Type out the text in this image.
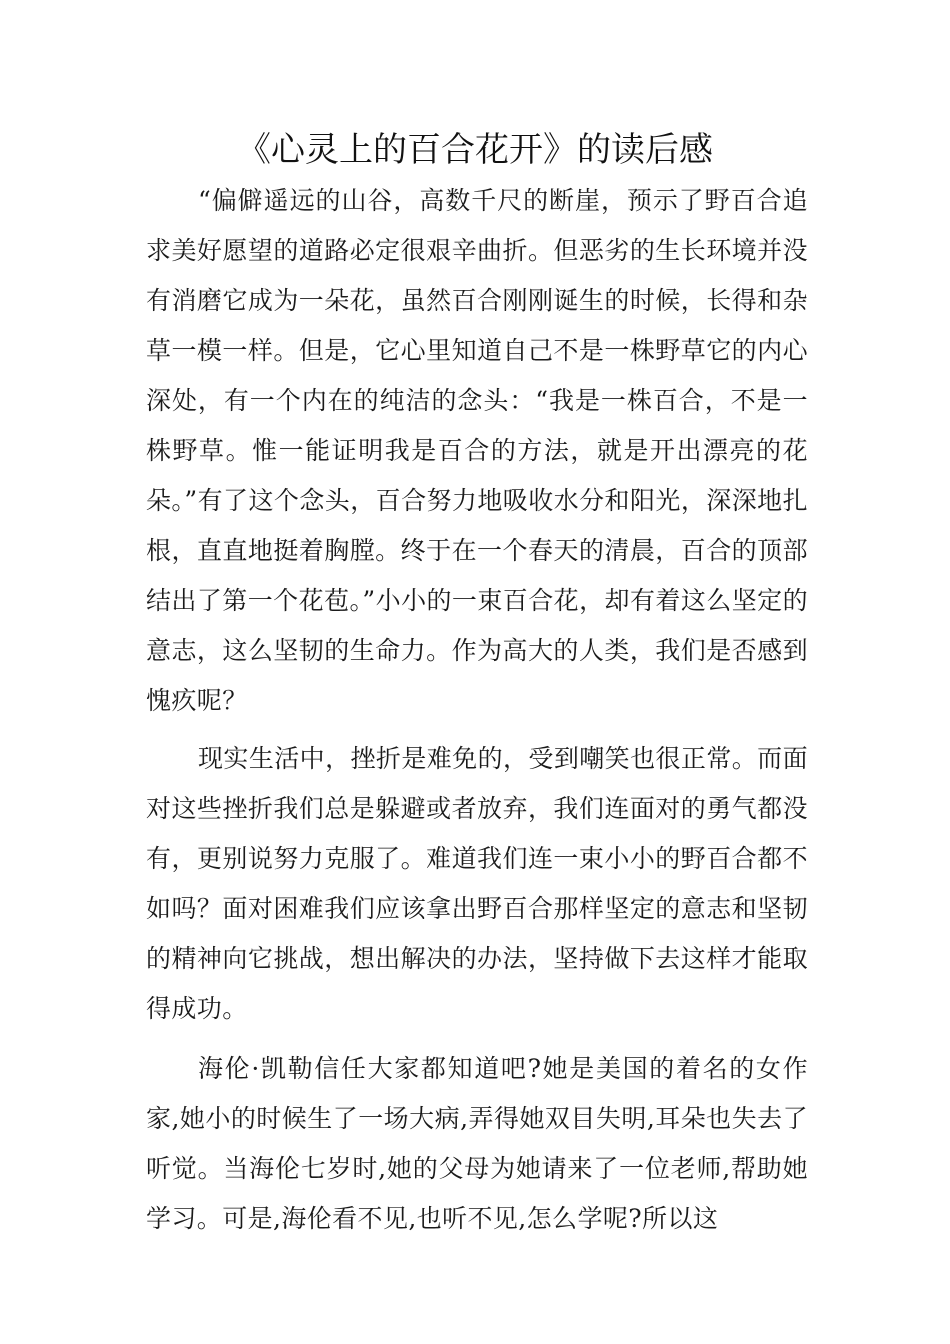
《心灵上的百合花开》的读后感

“偏僻遥远的山谷，高数千尺的断崖，预示了野百合追求美好愿望的道路必定很艰辛曲折。但恶劣的生长环境并没有消磨它成为一朵花，虽然百合刚刚诞生的时候，长得和杂草一模一样。但是，它心里知道自己不是一株野草它的内心深处，有一个内在的纯洁的念头：“我是一株百合，不是一株野草。惟一能证明我是百合的方法，就是开出漂亮的花朵。”有了这个念头，百合努力地吸收水分和阳光，深深地扎根，直直地挺着胸膛。终于在一个春天的清晨，百合的顶部结出了第一个花苞。”小小的一束百合花，却有着这么坚定的意志，这么坚韧的生命力。作为高大的人类，我们是否感到愧疚呢？

现实生活中，挫折是难免的，受到嘲笑也很正常。而面对这些挫折我们总是躲避或者放弃，我们连面对的勇气都没有，更别说努力克服了。难道我们连一束小小的野百合都不如吗？面对困难我们应该拿出野百合那样坚定的意志和坚韧的精神向它挑战，想出解决的办法，坚持做下去这样才能取得成功。

海伦·凯勒信任大家都知道吧?她是美国的着名的女作家,她小的时候生了一场大病,弄得她双目失明,耳朵也失去了听觉。当海伦七岁时,她的父母为她请来了一位老师,帮助她学习。可是,海伦看不见,也听不见,怎么学呢?所以这
